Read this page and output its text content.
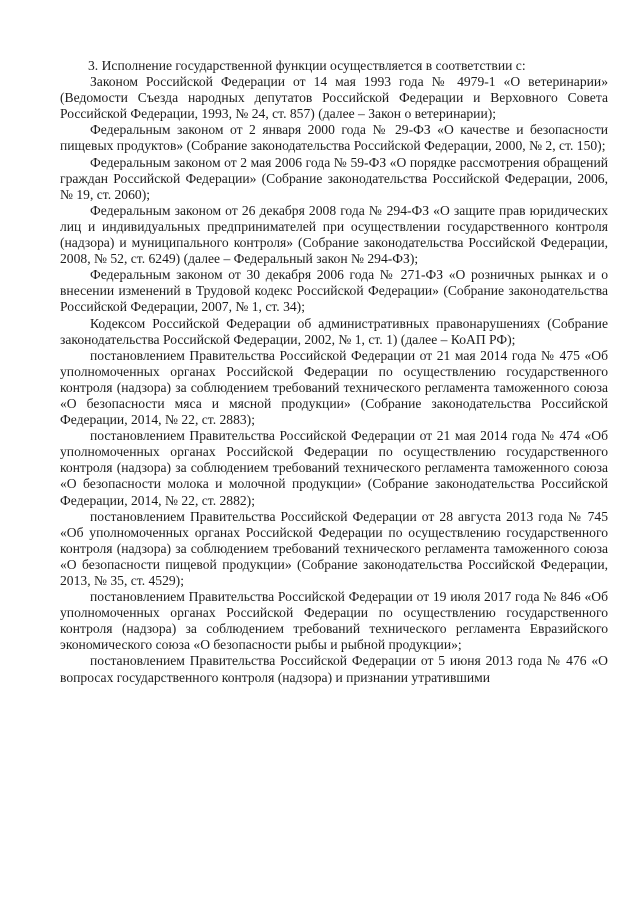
3. Исполнение государственной функции осуществляется в соответствии с:

Законом Российской Федерации от 14 мая 1993 года № 4979-1 «О ветеринарии» (Ведомости Съезда народных депутатов Российской Федерации и Верховного Совета Российской Федерации, 1993, № 24, ст. 857) (далее – Закон о ветеринарии);

Федеральным законом от 2 января 2000 года № 29-ФЗ «О качестве и безопасности пищевых продуктов» (Собрание законодательства Российской Федерации, 2000, № 2, ст. 150);

Федеральным законом от 2 мая 2006 года № 59-ФЗ «О порядке рассмотрения обращений граждан Российской Федерации» (Собрание законодательства Российской Федерации, 2006, № 19, ст. 2060);

Федеральным законом от 26 декабря 2008 года № 294-ФЗ «О защите прав юридических лиц и индивидуальных предпринимателей при осуществлении государственного контроля (надзора) и муниципального контроля» (Собрание законодательства Российской Федерации, 2008, № 52, ст. 6249) (далее – Федеральный закон № 294-ФЗ);

Федеральным законом от 30 декабря 2006 года № 271-ФЗ «О розничных рынках и о внесении изменений в Трудовой кодекс Российской Федерации» (Собрание законодательства Российской Федерации, 2007, № 1, ст. 34);

Кодексом Российской Федерации об административных правонарушениях (Собрание законодательства Российской Федерации, 2002, № 1, ст. 1) (далее – КоАП РФ);

постановлением Правительства Российской Федерации от 21 мая 2014 года № 475 «Об уполномоченных органах Российской Федерации по осуществлению государственного контроля (надзора) за соблюдением требований технического регламента таможенного союза «О безопасности мяса и мясной продукции» (Собрание законодательства Российской Федерации, 2014, № 22, ст. 2883);

постановлением Правительства Российской Федерации от 21 мая 2014 года № 474 «Об уполномоченных органах Российской Федерации по осуществлению государственного контроля (надзора) за соблюдением требований технического регламента таможенного союза «О безопасности молока и молочной продукции» (Собрание законодательства Российской Федерации, 2014, № 22, ст. 2882);

постановлением Правительства Российской Федерации от 28 августа 2013 года № 745 «Об уполномоченных органах Российской Федерации по осуществлению государственного контроля (надзора) за соблюдением требований технического регламента таможенного союза «О безопасности пищевой продукции» (Собрание законодательства Российской Федерации, 2013, № 35, ст. 4529);

постановлением Правительства Российской Федерации от 19 июля 2017 года № 846 «Об уполномоченных органах Российской Федерации по осуществлению государственного контроля (надзора) за соблюдением требований технического регламента Евразийского экономического союза «О безопасности рыбы и рыбной продукции»;

постановлением Правительства Российской Федерации от 5 июня 2013 года № 476 «О вопросах государственного контроля (надзора) и признании утратившими
